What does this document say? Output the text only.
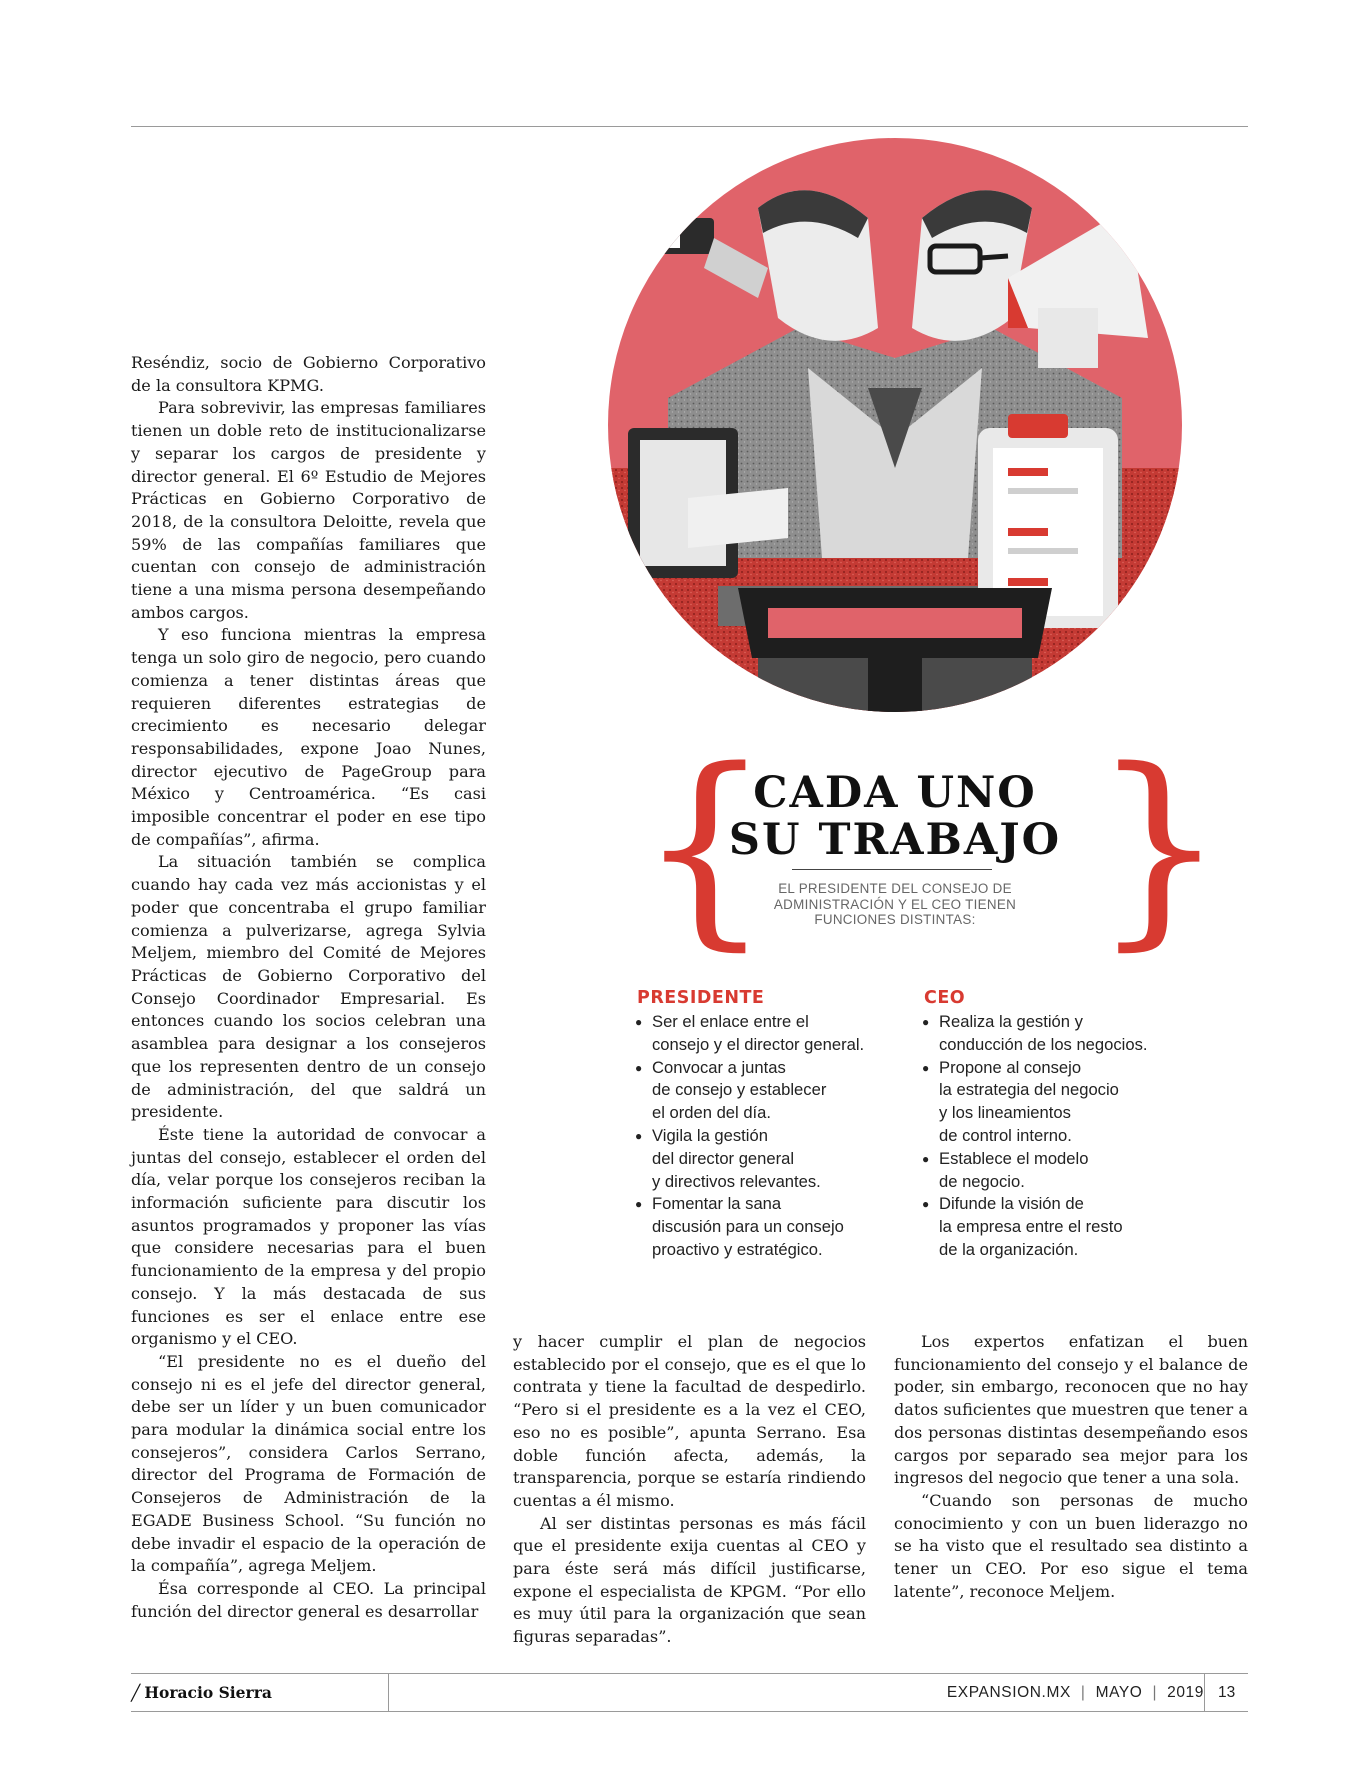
Reséndiz, socio de Gobierno Corporativo de la consultora KPMG.

Para sobrevivir, las empresas familiares tienen un doble reto de institucionalizarse y separar los cargos de presidente y director general. El 6º Estudio de Mejores Prácticas en Gobierno Corporativo de 2018, de la consultora Deloitte, revela que 59% de las compañías familiares que cuentan con consejo de administración tiene a una misma persona desempeñando ambos cargos.

Y eso funciona mientras la empresa tenga un solo giro de negocio, pero cuando comienza a tener distintas áreas que requieren diferentes estrategias de crecimiento es necesario delegar responsabilidades, expone Joao Nunes, director ejecutivo de PageGroup para México y Centroamérica. “Es casi imposible concentrar el poder en ese tipo de compañías”, afirma.

La situación también se complica cuando hay cada vez más accionistas y el poder que concentraba el grupo familiar comienza a pulverizarse, agrega Sylvia Meljem, miembro del Comité de Mejores Prácticas de Gobierno Corporativo del Consejo Coordinador Empresarial. Es entonces cuando los socios celebran una asamblea para designar a los consejeros que los representen dentro de un consejo de administración, del que saldrá un presidente.

Éste tiene la autoridad de convocar a juntas del consejo, establecer el orden del día, velar porque los consejeros reciban la información suficiente para discutir los asuntos programados y proponer las vías que considere necesarias para el buen funcionamiento de la empresa y del propio consejo. Y la más destacada de sus funciones es ser el enlace entre ese organismo y el CEO.

“El presidente no es el dueño del consejo ni es el jefe del director general, debe ser un líder y un buen comunicador para modular la dinámica social entre los consejeros”, considera Carlos Serrano, director del Programa de Formación de Consejeros de Administración de la EGADE Business School. “Su función no debe invadir el espacio de la operación de la compañía”, agrega Meljem.

Ésa corresponde al CEO. La principal función del director general es desarrollar

y hacer cumplir el plan de negocios establecido por el consejo, que es el que lo contrata y tiene la facultad de despedirlo. “Pero si el presidente es a la vez el CEO, eso no es posible”, apunta Serrano. Esa doble función afecta, además, la transparencia, porque se estaría rindiendo cuentas a él mismo.

Al ser distintas personas es más fácil que el presidente exija cuentas al CEO y para éste será más difícil justificarse, expone el especialista de KPGM. “Por ello es muy útil para la organización que sean figuras separadas”.

Los expertos enfatizan el buen funcionamiento del consejo y el balance de poder, sin embargo, reconocen que no hay datos suficientes que muestren que tener a dos personas distintas desempeñando esos cargos por separado sea mejor para los ingresos del negocio que tener a una sola.

“Cuando son personas de mucho conocimiento y con un buen liderazgo no se ha visto que el resultado sea distinto a tener un CEO. Por eso sigue el tema latente”, reconoce Meljem.

{ }
CADA UNO
SU TRABAJO
EL PRESIDENTE DEL CONSEJO DE ADMINISTRACIÓN Y EL CEO TIENEN FUNCIONES DISTINTAS:
PRESIDENTE
● Ser el enlace entre el
consejo y el director general.
● Convocar a juntas
de consejo y establecer
el orden del día.
● Vigila la gestión
del director general
y directivos relevantes.
● Fomentar la sana
discusión para un consejo
proactivo y estratégico.
CEO
● Realiza la gestión y
conducción de los negocios.
● Propone al consejo
la estrategia del negocio
y los lineamientos
de control interno.
● Establece el modelo
de negocio.
● Difunde la visión de
la empresa entre el resto
de la organización.
╱ Horacio Sierra	EXPANSION.MX | MAYO | 2019 13
